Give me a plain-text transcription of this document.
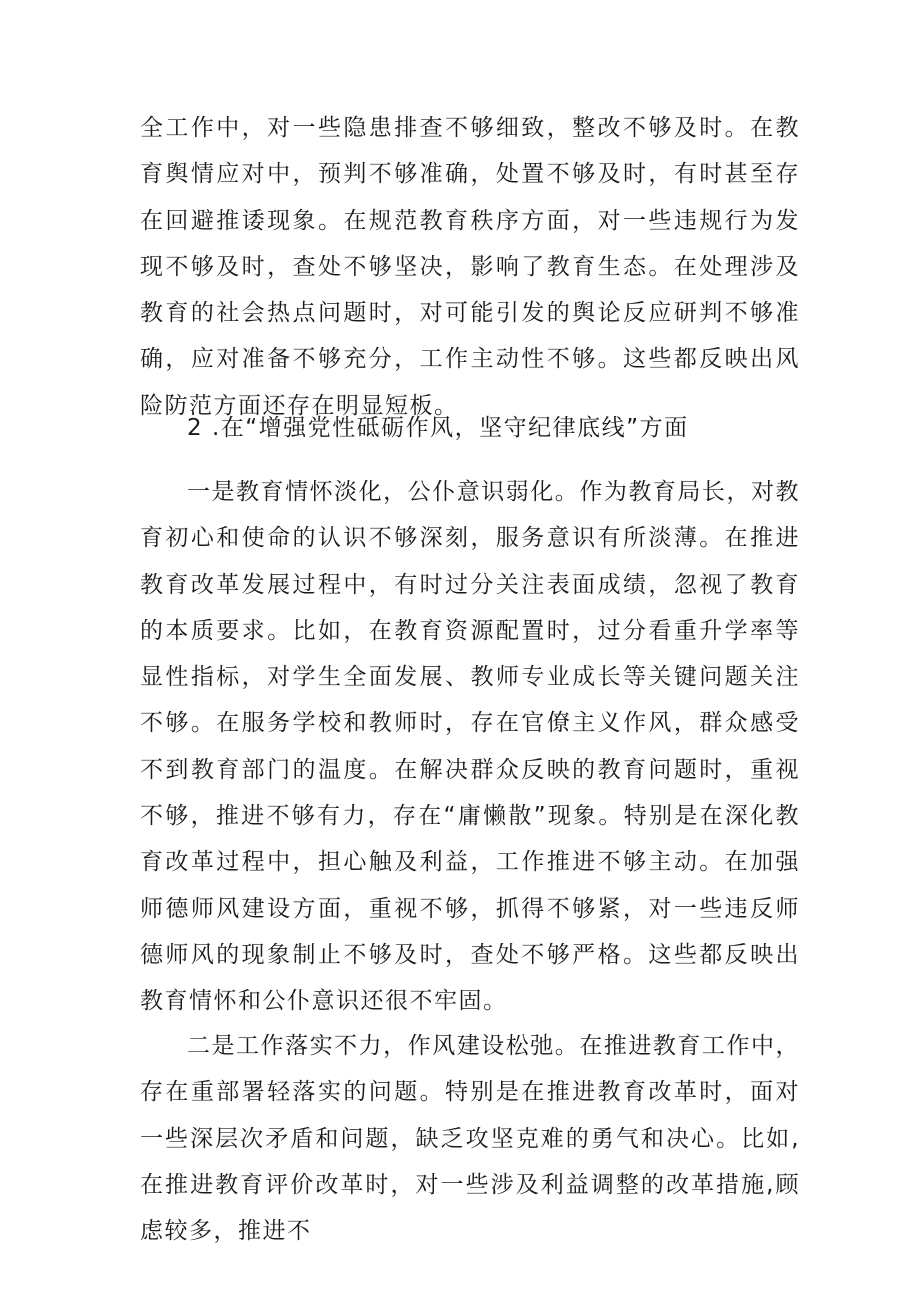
全工作中，对一些隐患排查不够细致，整改不够及时。在教育舆情应对中，预判不够准确，处置不够及时，有时甚至存在回避推诿现象。在规范教育秩序方面，对一些违规行为发现不够及时，查处不够坚决，影响了教育生态。在处理涉及教育的社会热点问题时，对可能引发的舆论反应研判不够准确，应对准备不够充分，工作主动性不够。这些都反映出风险防范方面还存在明显短板。

2 .在“增强党性砥砺作风，坚守纪律底线”方面

一是教育情怀淡化，公仆意识弱化。作为教育局长，对教育初心和使命的认识不够深刻，服务意识有所淡薄。在推进教育改革发展过程中，有时过分关注表面成绩，忽视了教育的本质要求。比如，在教育资源配置时，过分看重升学率等显性指标，对学生全面发展、教师专业成长等关键问题关注不够。在服务学校和教师时，存在官僚主义作风，群众感受不到教育部门的温度。在解决群众反映的教育问题时，重视不够，推进不够有力，存在“庸懒散”现象。特别是在深化教育改革过程中，担心触及利益，工作推进不够主动。在加强师德师风建设方面，重视不够，抓得不够紧，对一些违反师德师风的现象制止不够及时，查处不够严格。这些都反映出教育情怀和公仆意识还很不牢固。

二是工作落实不力，作风建设松弛。在推进教育工作中，存在重部署轻落实的问题。特别是在推进教育改革时，面对一些深层次矛盾和问题，缺乏攻坚克难的勇气和决心。比如,在推进教育评价改革时，对一些涉及利益调整的改革措施,顾虑较多，推进不
